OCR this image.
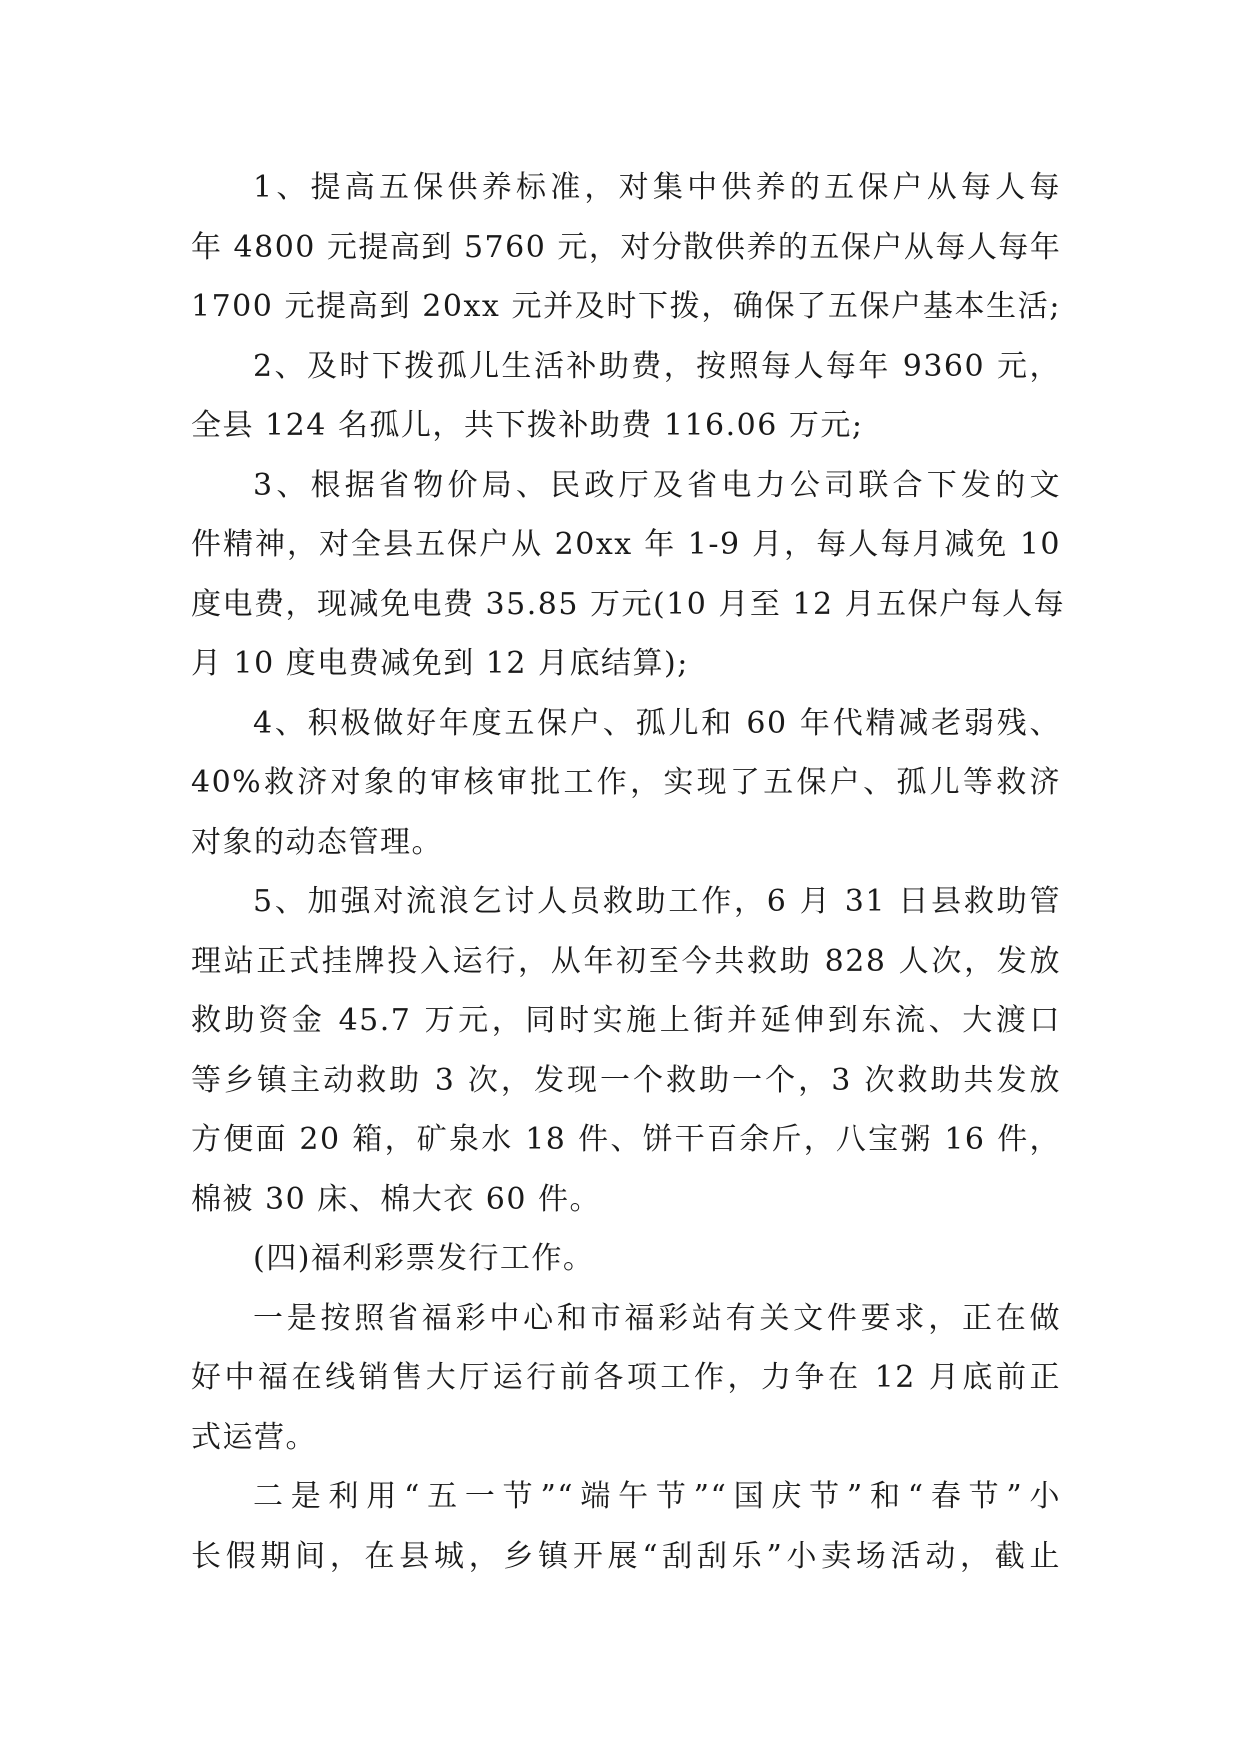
1、提高五保供养标准，对集中供养的五保户从每人每
年 4800 元提高到 5760 元，对分散供养的五保户从每人每年
1700 元提高到 20xx 元并及时下拨，确保了五保户基本生活;
2、及时下拨孤儿生活补助费，按照每人每年 9360 元，
全县 124 名孤儿，共下拨补助费 116.06 万元;
3、根据省物价局、民政厅及省电力公司联合下发的文
件精神，对全县五保户从 20xx 年 1-9 月，每人每月减免 10
度电费，现减免电费 35.85 万元(10 月至 12 月五保户每人每
月 10 度电费减免到 12 月底结算);
4、积极做好年度五保户、孤儿和 60 年代精减老弱残、
40%救济对象的审核审批工作，实现了五保户、孤儿等救济
对象的动态管理。
5、加强对流浪乞讨人员救助工作，6 月 31 日县救助管
理站正式挂牌投入运行，从年初至今共救助 828 人次，发放
救助资金 45.7 万元，同时实施上街并延伸到东流、大渡口
等乡镇主动救助 3 次，发现一个救助一个，3 次救助共发放
方便面 20 箱，矿泉水 18 件、饼干百余斤，八宝粥 16 件，
棉被 30 床、棉大衣 60 件。
(四)福利彩票发行工作。
一是按照省福彩中心和市福彩站有关文件要求，正在做
好中福在线销售大厅运行前各项工作，力争在 12 月底前正
式运营。
二是利用“五一节”“端午节”“国庆节”和“春节”小
长假期间，在县城，乡镇开展“刮刮乐”小卖场活动，截止
